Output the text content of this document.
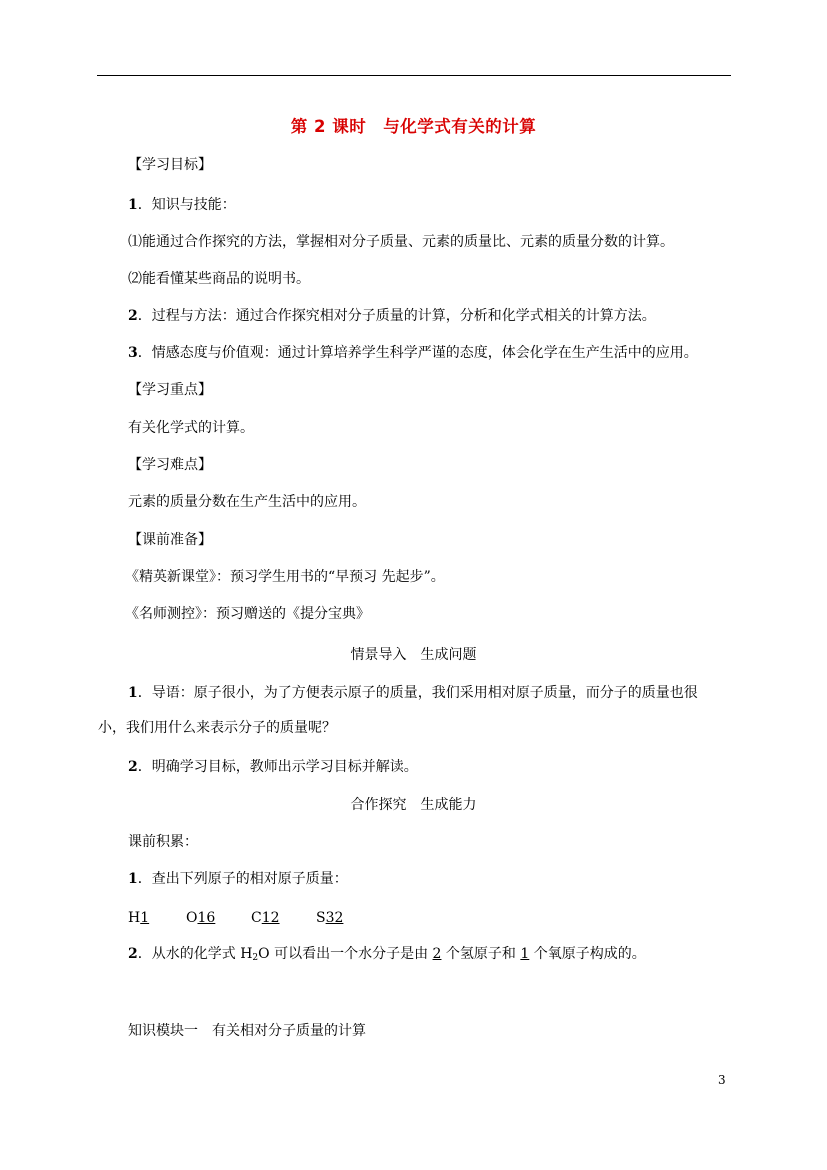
第 2 课时　与化学式有关的计算
【学习目标】
1．知识与技能：
⑴能通过合作探究的方法，掌握相对分子质量、元素的质量比、元素的质量分数的计算。
⑵能看懂某些商品的说明书。
2．过程与方法：通过合作探究相对分子质量的计算，分析和化学式相关的计算方法。
3．情感态度与价值观：通过计算培养学生科学严谨的态度，体会化学在生产生活中的应用。
【学习重点】
有关化学式的计算。
【学习难点】
元素的质量分数在生产生活中的应用。
【课前准备】
《精英新课堂》：预习学生用书的“早预习 先起步”。
《名师测控》：预习赠送的《提分宝典》
情景导入　生成问题
1．导语：原子很小，为了方便表示原子的质量，我们采用相对原子质量，而分子的质量也很
小，我们用什么来表示分子的质量呢？
2．明确学习目标，教师出示学习目标并解读。
合作探究　生成能力
课前积累：
1．查出下列原子的相对原子质量：
H1	O16	C12	S32
2．从水的化学式 $H_2O$ 可以看出一个水分子是由 2 个氢原子和 1 个氧原子构成的。
知识模块一　有关相对分子质量的计算
3
